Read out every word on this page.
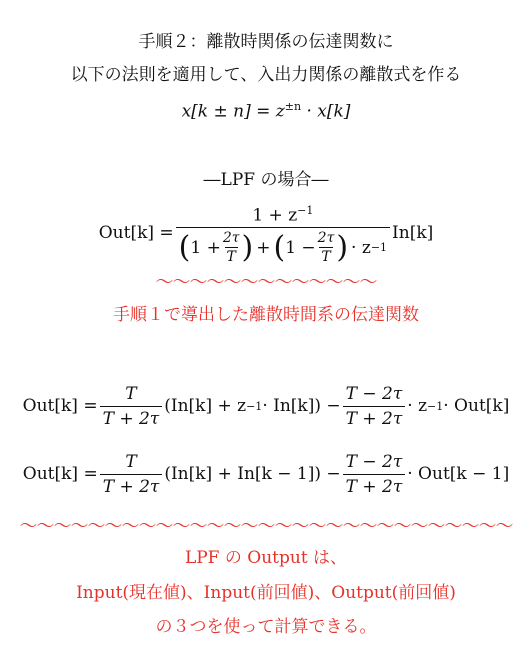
手順２：離散時関係の伝達関数に
以下の法則を適用して、入出力関係の離散式を作る
$x[k \pm n] = z^{\pm n} \cdot x[k]$
―LPF の場合―
Out[k] =
$1 + z^{-1}$
( $1 + \frac{2\tau}{T}$ ) + ( $1 - \frac{2\tau}{T}$ ) · z −1
In[k]
～～～～～～～～～～～～～
手順１で導出した離散時間系の伝達関数
$Out[k] = \frac{T}{T + 2\tau} (In[k] + z -1 \cdot In[k]) - \frac{T - 2\tau}{T + 2\tau} \cdot z -1 \cdot Out[k]$
$Out[k] = \frac{T}{T + 2\tau} (In[k] + In[k - 1]) - \frac{T - 2\tau}{T + 2\tau} \cdot Out[k - 1]$
～～～～～～～～～～～～～～～～～～～～～～～～～～～～～
LPF の Output は、
Input(現在値)、Input(前回値)、Output(前回値)
の３つを使って計算できる。
